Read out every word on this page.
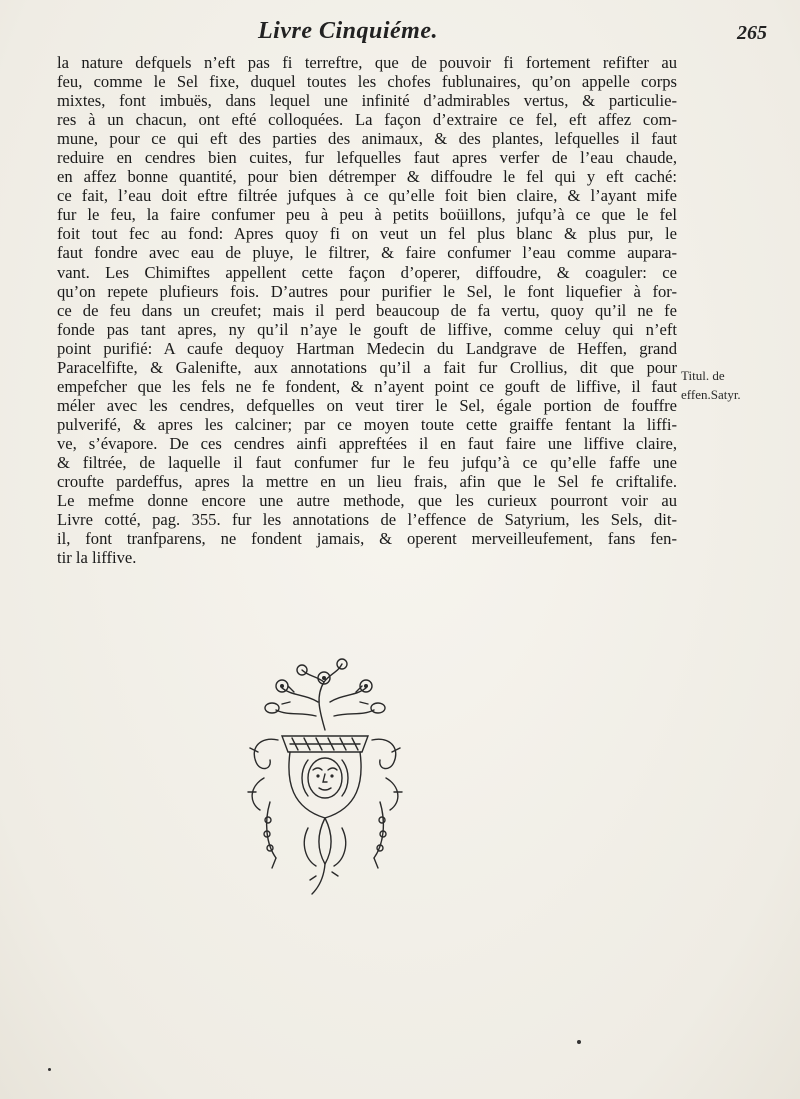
Livre Cinquiéme.	265
la nature defquels n’eft pas fi terreftre, que de pouvoir fi fortement refifter au
feu, comme le Sel fixe, duquel toutes les chofes fublunaires, qu’on appelle corps
mixtes, font imbuës, dans lequel une infinité d’admirables vertus, & particulie-
res à un chacun, ont efté colloquées. La façon d’extraire ce fel, eft affez com-
mune, pour ce qui eft des parties des animaux, & des plantes, lefquelles il faut
reduire en cendres bien cuites, fur lefquelles faut apres verfer de l’eau chaude,
en affez bonne quantité, pour bien détremper & diffoudre le fel qui y eft caché:
ce fait, l’eau doit eftre filtrée jufques à ce qu’elle foit bien claire, & l’ayant mife
fur le feu, la faire confumer peu à peu à petits boüillons, jufqu’à ce que le fel
foit tout fec au fond: Apres quoy fi on veut un fel plus blanc & plus pur, le
faut fondre avec eau de pluye, le filtrer, & faire confumer l’eau comme aupara-
vant. Les Chimiftes appellent cette façon d’operer, diffoudre, & coaguler: ce
qu’on repete plufieurs fois. D’autres pour purifier le Sel, le font liquefier à for-
ce de feu dans un creufet; mais il perd beaucoup de fa vertu, quoy qu’il ne fe
fonde pas tant apres, ny qu’il n’aye le gouft de liffive, comme celuy qui n’eft
point purifié: A caufe dequoy Hartman Medecin du Landgrave de Heffen, grand
Paracelfifte, & Galenifte, aux annotations qu’il a fait fur Crollius, dit que pour
empefcher que les fels ne fe fondent, & n’ayent point ce gouft de liffive, il faut
méler avec les cendres, defquelles on veut tirer le Sel, égale portion de fouffre
pulverifé, & apres les calciner; par ce moyen toute cette graiffe fentant la liffi-
ve, s’évapore. De ces cendres ainfi appreftées il en faut faire une liffive claire,
& filtrée, de laquelle il faut confumer fur le feu jufqu’à ce qu’elle faffe une
croufte pardeffus, apres la mettre en un lieu frais, afin que le Sel fe criftalife.
Le mefme donne encore une autre methode, que les curieux pourront voir au
Livre cotté, pag. 355. fur les annotations de l’effence de Satyrium, les Sels, dit-
il, font tranfparens, ne fondent jamais, & operent merveilleufement, fans fen-
tir la liffive.
Titul. de
effen.Satyr.
